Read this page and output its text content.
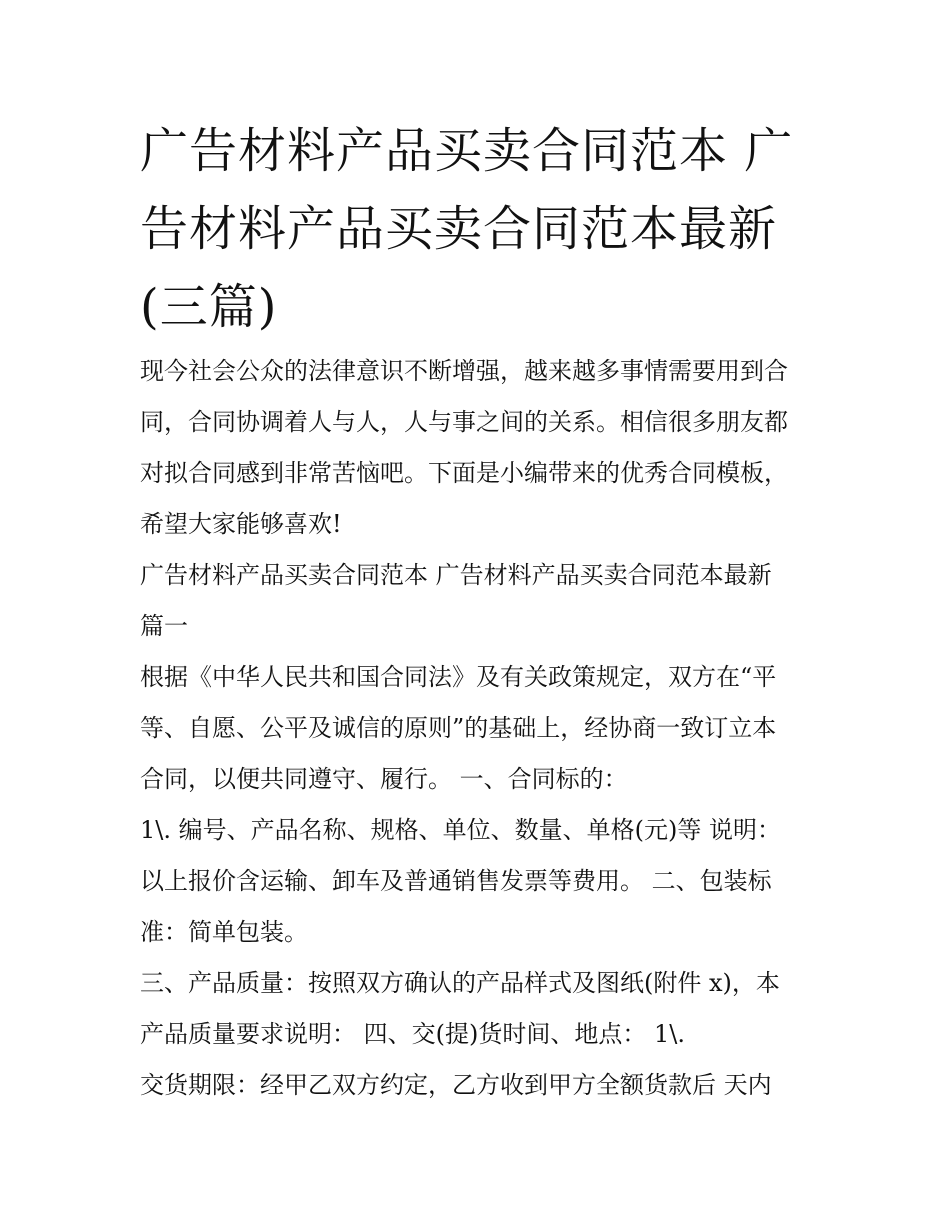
广告材料产品买卖合同范本 广
告材料产品买卖合同范本最新
(三篇)

现今社会公众的法律意识不断增强，越来越多事情需要用到合
同，合同协调着人与人，人与事之间的关系。相信很多朋友都
对拟合同感到非常苦恼吧。下面是小编带来的优秀合同模板，
希望大家能够喜欢!

广告材料产品买卖合同范本 广告材料产品买卖合同范本最新
篇一

根据《中华人民共和国合同法》及有关政策规定，双方在“平
等、自愿、公平及诚信的原则”的基础上，经协商一致订立本
合同，以便共同遵守、履行。 一、合同标的：

1\. 编号、产品名称、规格、单位、数量、单格(元)等 说明：
以上报价含运输、卸车及普通销售发票等费用。 二、包装标
准：简单包装。

三、产品质量：按照双方确认的产品样式及图纸(附件 x)，本
产品质量要求说明： 四、交(提)货时间、地点： 1\.

交货期限：经甲乙双方约定，乙方收到甲方全额货款后 天内
